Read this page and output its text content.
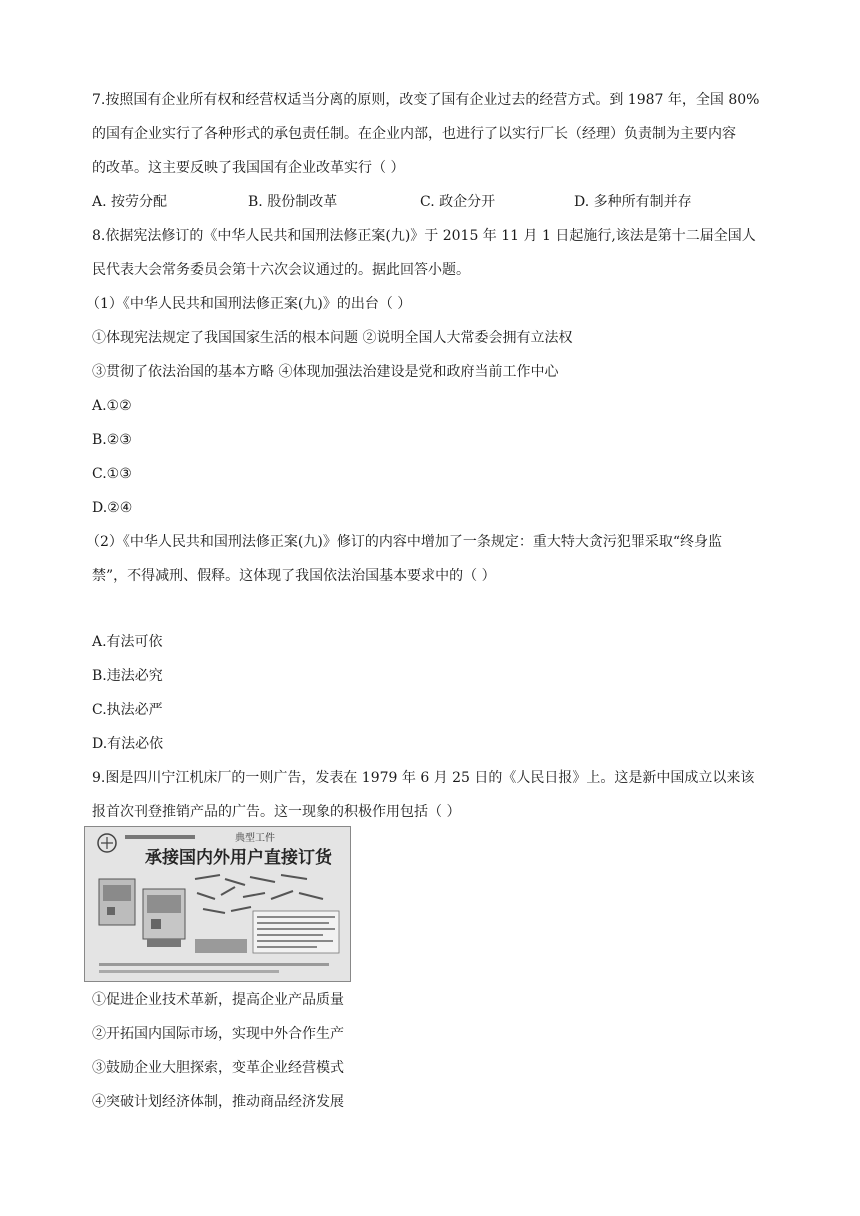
7.按照国有企业所有权和经营权适当分离的原则，改变了国有企业过去的经营方式。到 1987 年，全国 80%
的国有企业实行了各种形式的承包责任制。在企业内部，也进行了以实行厂长（经理）负责制为主要内容
的改革。这主要反映了我国国有企业改革实行（ ）
A. 按劳分配	B. 股份制改革	C. 政企分开	D. 多种所有制并存
8.依据宪法修订的《中华人民共和国刑法修正案(九)》于 2015 年 11 月 1 日起施行,该法是第十二届全国人
民代表大会常务委员会第十六次会议通过的。据此回答小题。
（1）《中华人民共和国刑法修正案(九)》的出台（ ）
①体现宪法规定了我国国家生活的根本问题 ②说明全国人大常委会拥有立法权
③贯彻了依法治国的基本方略 ④体现加强法治建设是党和政府当前工作中心
A.①②
B.②③
C.①③
D.②④
（2）《中华人民共和国刑法修正案(九)》修订的内容中增加了一条规定：重大特大贪污犯罪采取“终身监
禁”，不得减刑、假释。这体现了我国依法治国基本要求中的（ ）
A.有法可依
B.违法必究
C.执法必严
D.有法必依
9.图是四川宁江机床厂的一则广告，发表在 1979 年 6 月 25 日的《人民日报》上。这是新中国成立以来该
报首次刊登推销产品的广告。这一现象的积极作用包括（ ）
典型工件
承接国内外用户直接订货
①促进企业技术革新，提高企业产品质量
②开拓国内国际市场，实现中外合作生产
③鼓励企业大胆探索，变革企业经营模式
④突破计划经济体制，推动商品经济发展
